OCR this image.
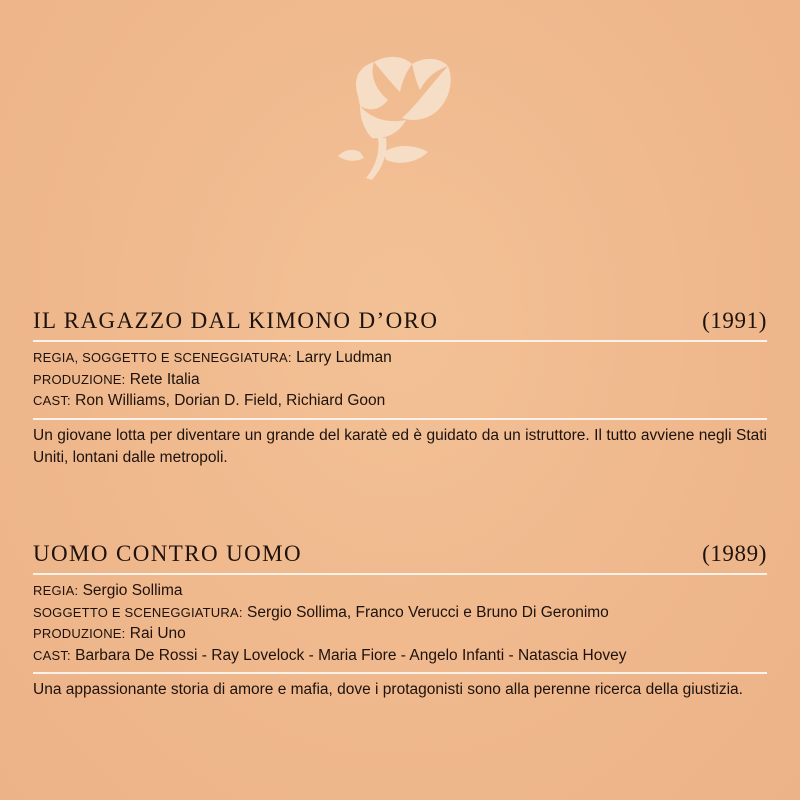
IL RAGAZZO DAL KIMONO D’ORO	(1991)
REGIA, SOGGETTO E SCENEGGIATURA: Larry Ludman
PRODUZIONE: Rete Italia
CAST: Ron Williams, Dorian D. Field, Richiard Goon
Un giovane lotta per diventare un grande del karatè ed è guidato da un istruttore. Il tutto avviene negli Stati Uniti, lontani dalle metropoli.
UOMO CONTRO UOMO	(1989)
REGIA: Sergio Sollima
SOGGETTO E SCENEGGIATURA: Sergio Sollima, Franco Verucci e Bruno Di Geronimo
PRODUZIONE: Rai Uno
CAST: Barbara De Rossi - Ray Lovelock - Maria Fiore - Angelo Infanti - Natascia Hovey
Una appassionante storia di amore e mafia, dove i protagonisti sono alla perenne ricerca della giustizia.
